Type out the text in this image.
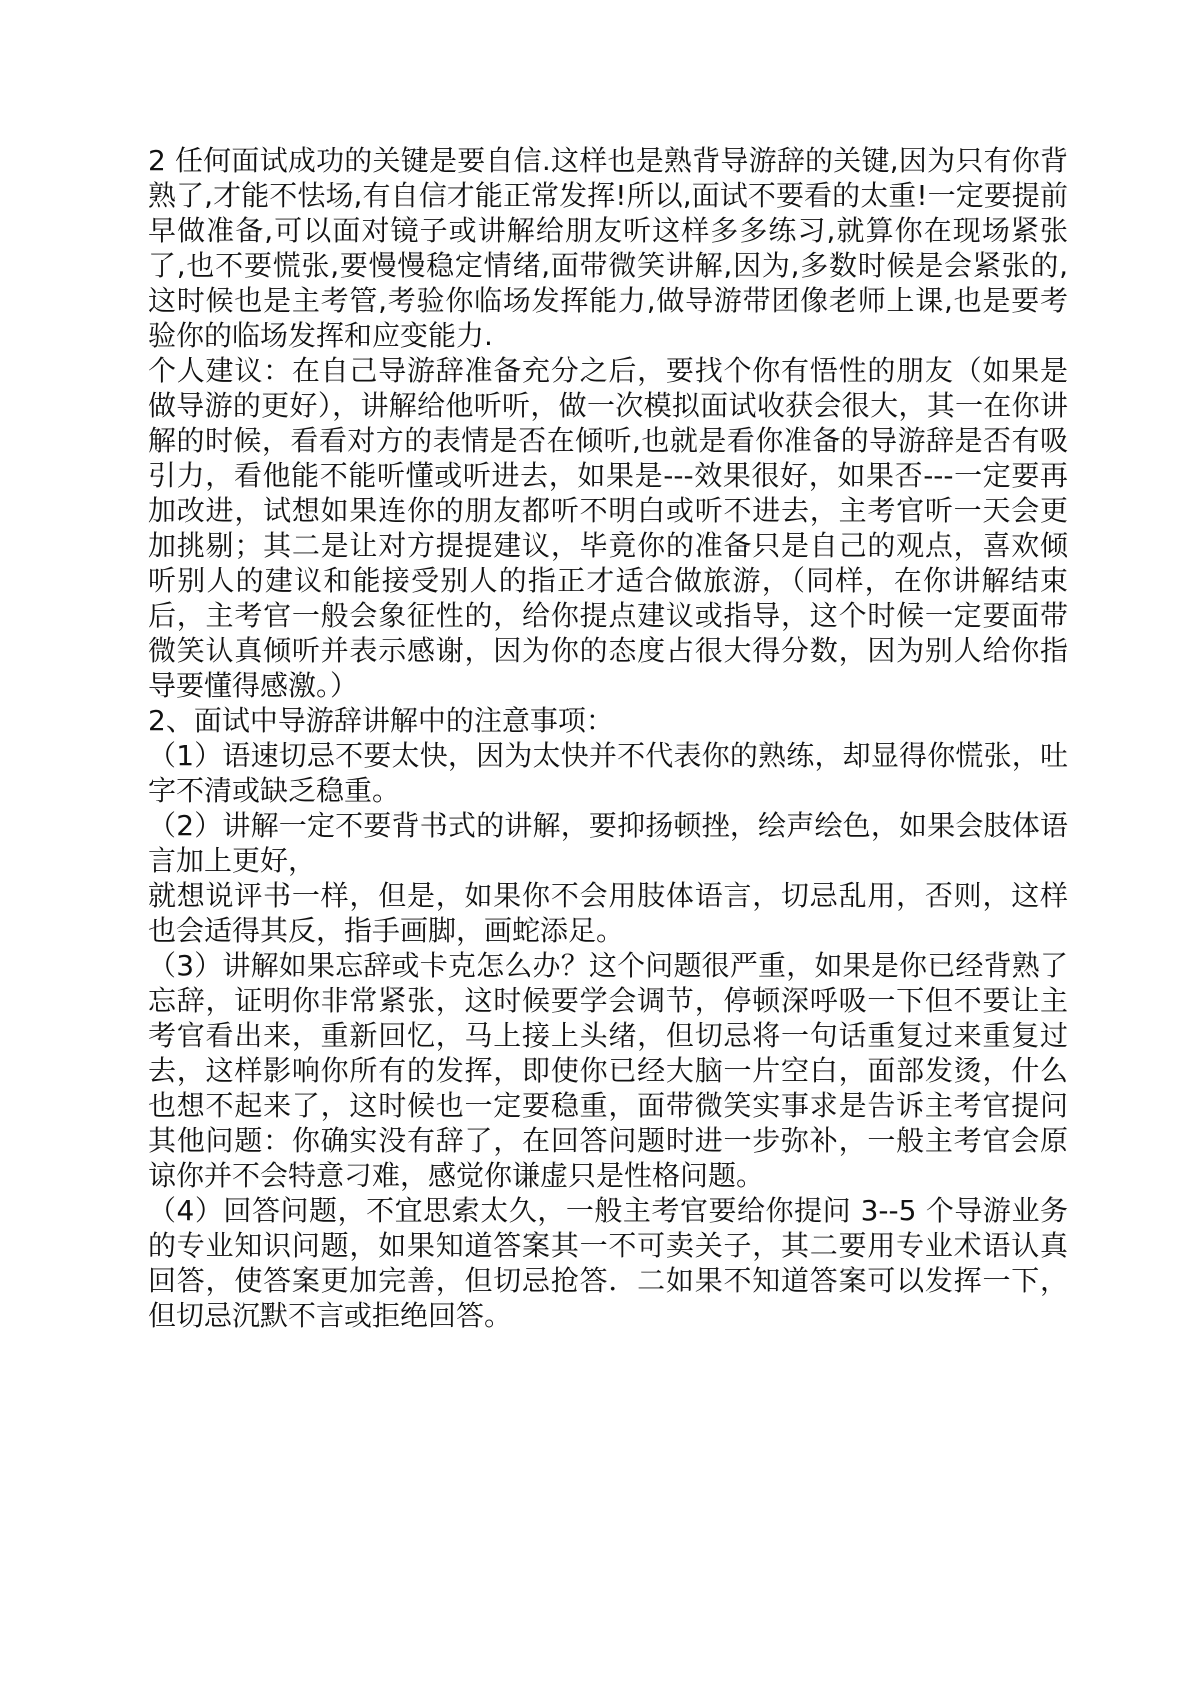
2 任何面试成功的关键是要自信.这样也是熟背导游辞的关键,因为只有你背熟了,才能不怯场,有自信才能正常发挥!所以,面试不要看的太重!一定要提前早做准备,可以面对镜子或讲解给朋友听这样多多练习,就算你在现场紧张了,也不要慌张,要慢慢稳定情绪,面带微笑讲解,因为,多数时候是会紧张的,这时候也是主考管,考验你临场发挥能力,做导游带团像老师上课,也是要考验你的临场发挥和应变能力.

个人建议：在自己导游辞准备充分之后，要找个你有悟性的朋友（如果是做导游的更好），讲解给他听听，做一次模拟面试收获会很大，其一在你讲解的时候，看看对方的表情是否在倾听,也就是看你准备的导游辞是否有吸引力，看他能不能听懂或听进去，如果是---效果很好，如果否---一定要再加改进，试想如果连你的朋友都听不明白或听不进去，主考官听一天会更加挑剔；其二是让对方提提建议，毕竟你的准备只是自己的观点，喜欢倾听别人的建议和能接受别人的指正才适合做旅游，（同样，在你讲解结束后，主考官一般会象征性的，给你提点建议或指导，这个时候一定要面带微笑认真倾听并表示感谢，因为你的态度占很大得分数，因为别人给你指导要懂得感激。）

2、面试中导游辞讲解中的注意事项：

（1）语速切忌不要太快，因为太快并不代表你的熟练，却显得你慌张，吐字不清或缺乏稳重。

（2）讲解一定不要背书式的讲解，要抑扬顿挫，绘声绘色，如果会肢体语言加上更好，

就想说评书一样，但是，如果你不会用肢体语言，切忌乱用，否则，这样也会适得其反，指手画脚，画蛇添足。

（3）讲解如果忘辞或卡克怎么办？这个问题很严重，如果是你已经背熟了忘辞，证明你非常紧张，这时候要学会调节，停顿深呼吸一下但不要让主考官看出来，重新回忆，马上接上头绪，但切忌将一句话重复过来重复过去，这样影响你所有的发挥，即使你已经大脑一片空白，面部发烫，什么也想不起来了，这时候也一定要稳重，面带微笑实事求是告诉主考官提问其他问题：你确实没有辞了，在回答问题时进一步弥补，一般主考官会原谅你并不会特意刁难，感觉你谦虚只是性格问题。

（4）回答问题，不宜思索太久，一般主考官要给你提问 3--5 个导游业务的专业知识问题，如果知道答案其一不可卖关子，其二要用专业术语认真回答，使答案更加完善，但切忌抢答．二如果不知道答案可以发挥一下，但切忌沉默不言或拒绝回答。
